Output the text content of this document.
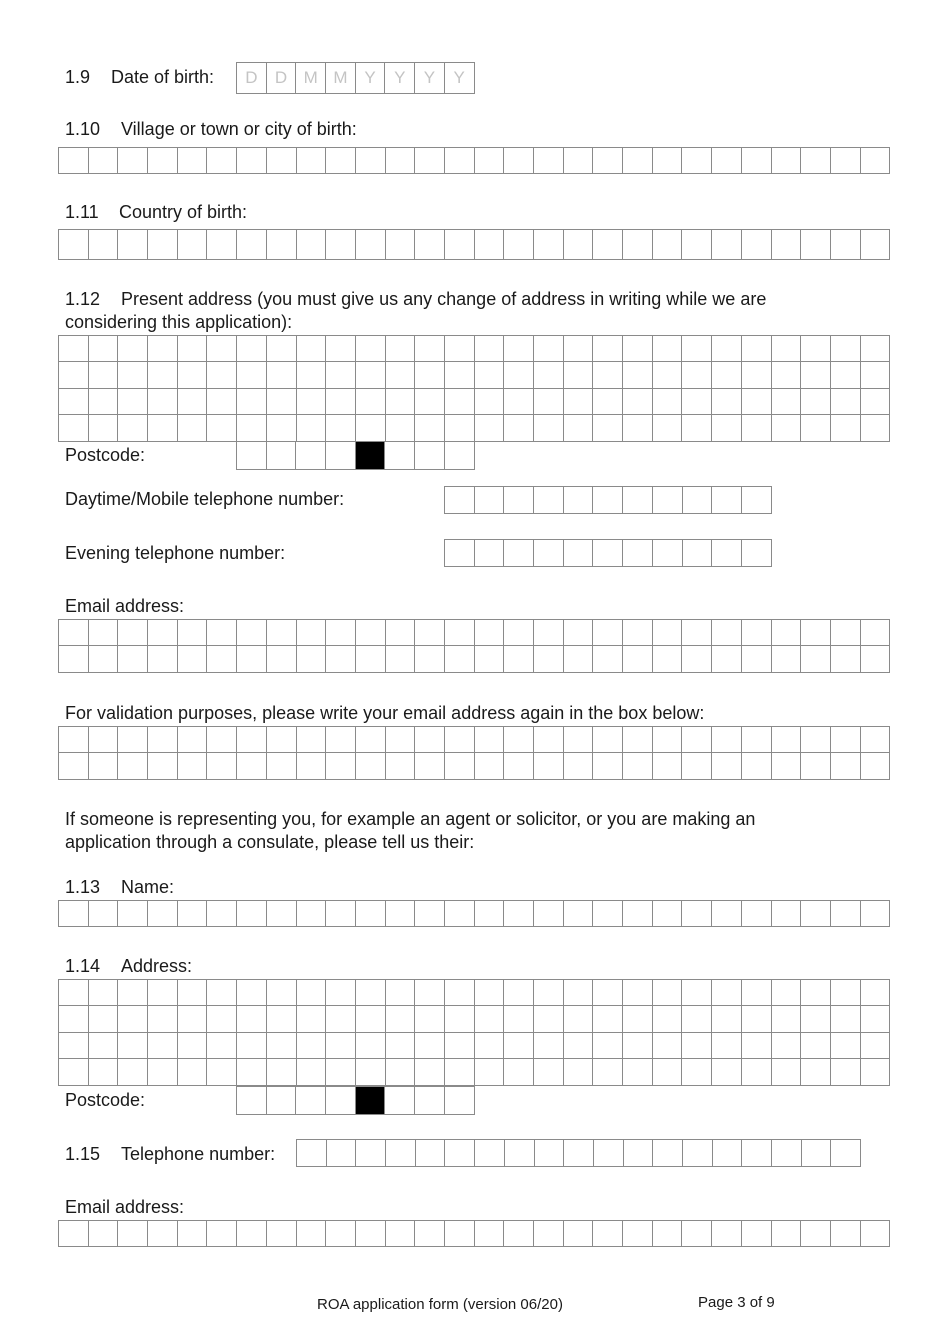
1.9 Date of birth:	D	D M M Y	Y	Y	Y
1.10 Village or town or city of birth:
1.11 Country of birth:
1.12 Present address (you must give us any change of address in writing while we are
considering this application):
Postcode:
Daytime/Mobile telephone number:
Evening telephone number:
Email address:
For validation purposes, please write your email address again in the box below:
If someone is representing you, for example an agent or solicitor, or you are making an
application through a consulate, please tell us their:
1.13 Name:
1.14 Address:
Postcode:
1.15 Telephone number:
Email address:
ROA application form (version 06/20)	Page 3 of 9
